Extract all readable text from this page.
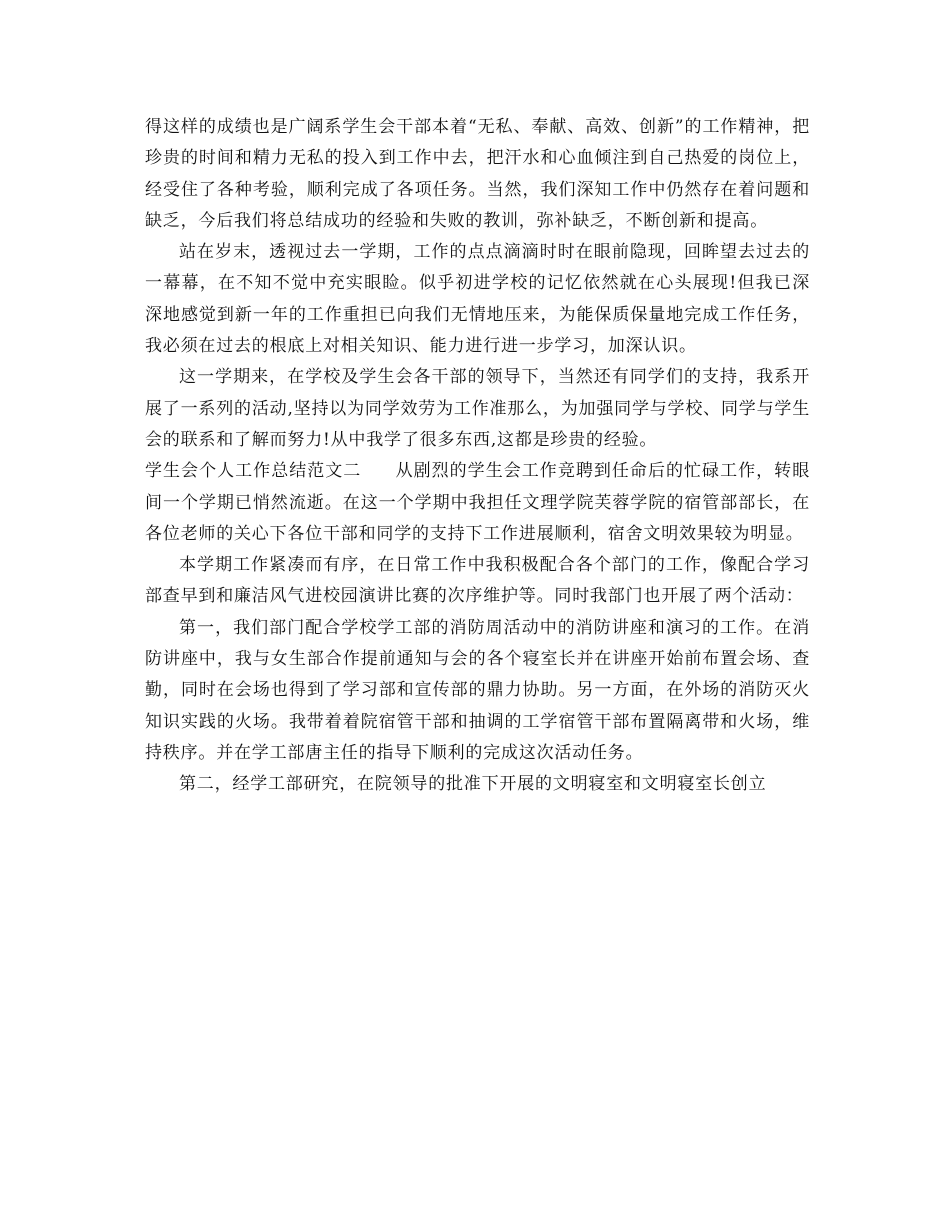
得这样的成绩也是广阔系学生会干部本着“无私、奉献、高效、创新”的工作精神，把珍贵的时间和精力无私的投入到工作中去，把汗水和心血倾注到自己热爱的岗位上，经受住了各种考验，顺利完成了各项任务。当然，我们深知工作中仍然存在着问题和缺乏，今后我们将总结成功的经验和失败的教训，弥补缺乏，不断创新和提高。

站在岁末，透视过去一学期，工作的点点滴滴时时在眼前隐现，回眸望去过去的一幕幕，在不知不觉中充实眼睑。似乎初进学校的记忆依然就在心头展现!但我已深深地感觉到新一年的工作重担已向我们无情地压来，为能保质保量地完成工作任务，我必须在过去的根底上对相关知识、能力进行进一步学习，加深认识。

这一学期来，在学校及学生会各干部的领导下，当然还有同学们的支持，我系开展了一系列的活动,坚持以为同学效劳为工作准那么，为加强同学与学校、同学与学生会的联系和了解而努力!从中我学了很多东西,这都是珍贵的经验。

学生会个人工作总结范文二 从剧烈的学生会工作竞聘到任命后的忙碌工作，转眼间一个学期已悄然流逝。在这一个学期中我担任文理学院芙蓉学院的宿管部部长，在各位老师的关心下各位干部和同学的支持下工作进展顺利，宿舍文明效果较为明显。

本学期工作紧凑而有序，在日常工作中我积极配合各个部门的工作，像配合学习部查早到和廉洁风气进校园演讲比赛的次序维护等。同时我部门也开展了两个活动：

第一，我们部门配合学校学工部的消防周活动中的消防讲座和演习的工作。在消防讲座中，我与女生部合作提前通知与会的各个寝室长并在讲座开始前布置会场、查勤，同时在会场也得到了学习部和宣传部的鼎力协助。另一方面，在外场的消防灭火知识实践的火场。我带着着院宿管干部和抽调的工学宿管干部布置隔离带和火场，维持秩序。并在学工部唐主任的指导下顺利的完成这次活动任务。

第二，经学工部研究，在院领导的批准下开展的文明寝室和文明寝室长创立
